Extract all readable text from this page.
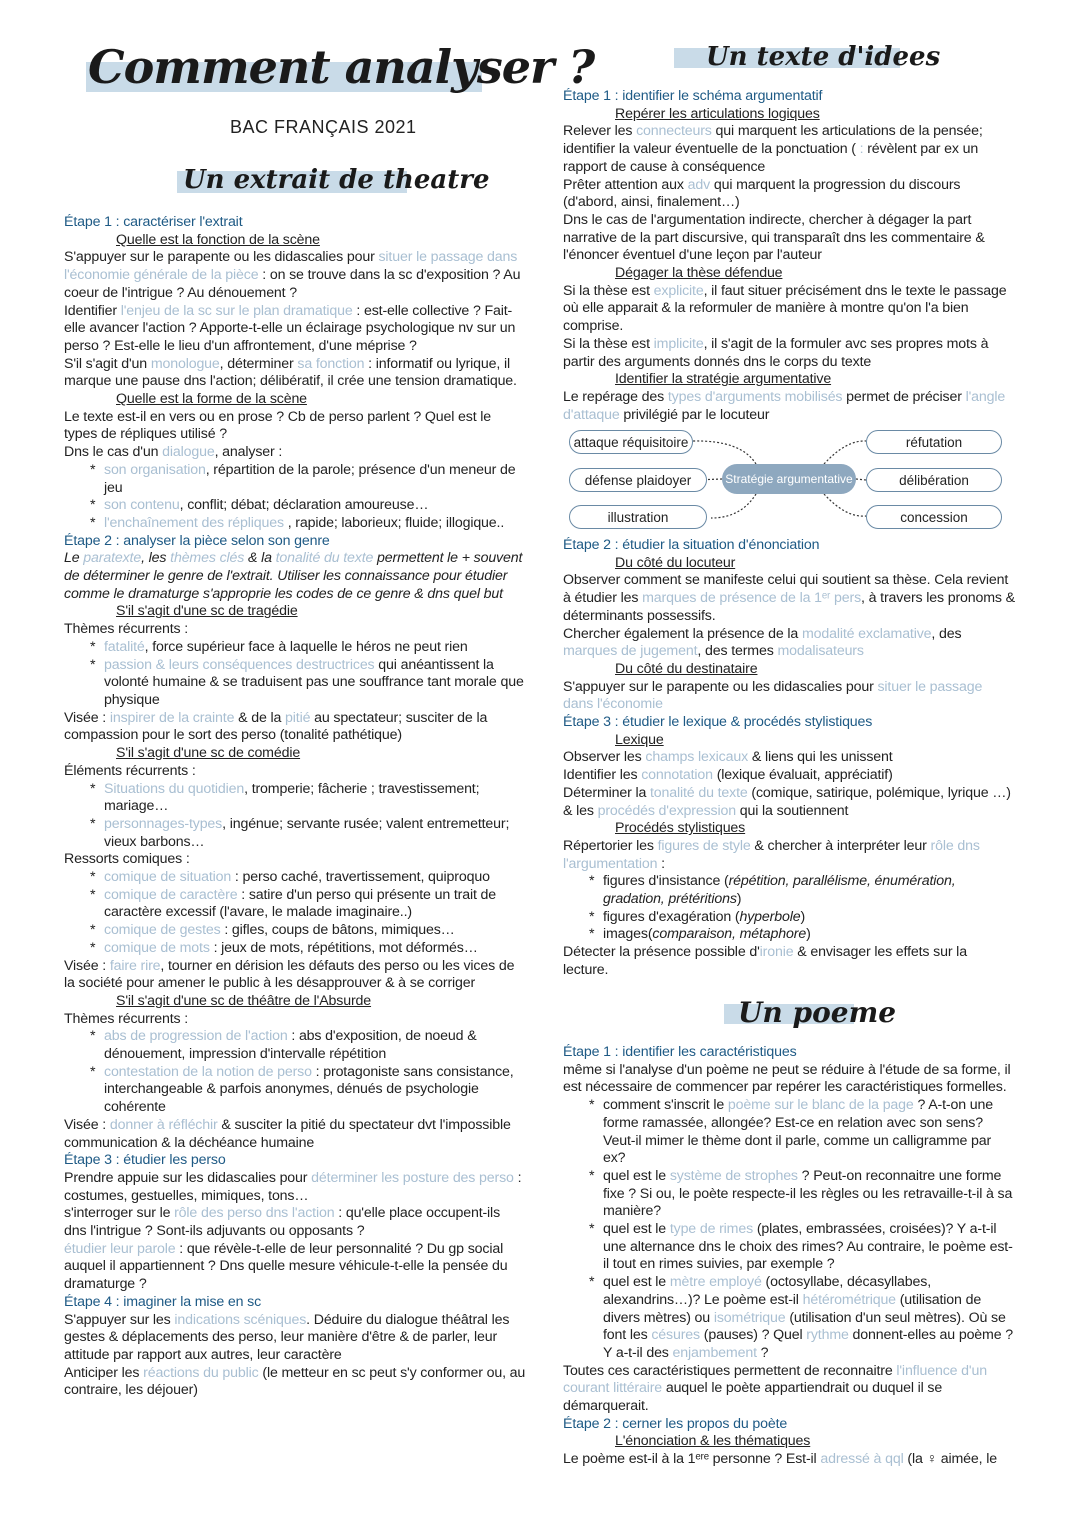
Comment analyser ?
BAC FRANÇAIS 2021
Un extrait de theatre
Étape 1 : caractériser l'extrait
Quelle est la fonction de la scène
S'appuyer sur le parapente ou les didascalies pour situer le passage dans l'économie générale de la pièce : on se trouve dans la sc d'exposition ? Au coeur de l'intrigue ? Au dénouement ?
Identifier l'enjeu de la sc sur le plan dramatique : est-elle collective ? Fait-elle avancer l'action ? Apporte-t-elle un éclairage psychologique nv sur un perso ? Est-elle le lieu d'un affrontement, d'une méprise ?
S'il s'agit d'un monologue, déterminer sa fonction : informatif ou lyrique, il marque une pause dns l'action; délibératif, il crée une tension dramatique.
Quelle est la forme de la scène
Le texte est-il en vers ou en prose ? Cb de perso parlent ? Quel est le types de répliques utilisé ?
Dns le cas d'un dialogue, analyser :
* son organisation, répartition de la parole; présence d'un meneur de jeu
* son contenu, conflit; débat; déclaration amoureuse…
* l'enchaînement des répliques , rapide; laborieux; fluide; illogique..
Étape 2 : analyser la pièce selon son genre
Le paratexte, les thèmes clés & la tonalité du texte permettent le + souvent de déterminer le genre de l'extrait. Utiliser les connaissance pour étudier comme le dramaturge s'approprie les codes de ce genre & dns quel but
S'il s'agit d'une sc de tragédie
Thèmes récurrents :
* fatalité, force supérieur face à laquelle le héros ne peut rien
* passion & leurs conséquences destructrices qui anéantissent la volonté humaine & se traduisent pas une souffrance tant morale que physique
Visée : inspirer de la crainte & de la pitié au spectateur; susciter de la compassion pour le sort des perso (tonalité pathétique)
S'il s'agit d'une sc de comédie
Éléments récurrents :
* Situations du quotidien, tromperie; fâcherie ; travestissement; mariage…
* personnages-types, ingénue; servante rusée; valent entremetteur; vieux barbons…
Ressorts comiques :
* comique de situation : perso caché, travertissement, quiproquo
* comique de caractère : satire d'un perso qui présente un trait de caractère excessif (l'avare, le malade imaginaire..)
* comique de gestes : gifles, coups de bâtons, mimiques…
* comique de mots : jeux de mots, répétitions, mot déformés…
Visée : faire rire, tourner en dérision les défauts des perso ou les vices de la société pour amener le public à les désapprouver & à se corriger
S'il s'agit d'une sc de théâtre de l'Absurde
Thèmes récurrents :
* abs de progression de l'action : abs d'exposition, de noeud & dénouement, impression d'intervalle répétition
* contestation de la notion de perso : protagoniste sans consistance, interchangeable & parfois anonymes, dénués de psychologie cohérente
Visée : donner à réfléchir & susciter la pitié du spectateur dvt l'impossible communication & la déchéance humaine
Étape 3 : étudier les perso
Prendre appuie sur les didascalies pour déterminer les posture des perso : costumes, gestuelles, mimiques, tons…
s'interroger sur le rôle des perso dns l'action : qu'elle place occupent-ils dns l'intrigue ? Sont-ils adjuvants ou opposants ?
étudier leur parole : que révèle-t-elle de leur personnalité ? Du gp social auquel il appartiennent ? Dns quelle mesure véhicule-t-elle la pensée du dramaturge ?
Étape 4 : imaginer la mise en sc
S'appuyer sur les indications scéniques. Déduire du dialogue théâtral les gestes & déplacements des perso, leur manière d'être & de parler, leur attitude par rapport aux autres, leur caractère
Anticiper les réactions du public (le metteur en sc peut s'y conformer ou, au contraire, les déjouer)
Un texte d'idees
Étape 1 : identifier le schéma argumentatif
Repérer les articulations logiques
Relever les connecteurs qui marquent les articulations de la pensée; identifier la valeur éventuelle de la ponctuation ( : révèlent par ex un rapport de cause à conséquence
Prêter attention aux adv qui marquent la progression du discours (d'abord, ainsi, finalement…)
Dns le cas de l'argumentation indirecte, chercher à dégager la part narrative de la part discursive, qui transparaît dns les commentaire & l'énoncer éventuel d'une leçon par l'auteur
Dégager la thèse défendue
Si la thèse est explicite, il faut situer précisément dns le texte le passage où elle apparait & la reformuler de manière à montre qu'on l'a bien comprise.
Si la thèse est implicite, il s'agit de la formuler avc ses propres mots à partir des arguments donnés dns le corps du texte
Identifier la stratégie argumentative
Le repérage des types d'arguments mobilisés permet de préciser l'angle d'attaque privilégié par le locuteur
attaque réquisitoire
défense plaidoyer
illustration
Stratégie argumentative
réfutation
délibération
concession
Étape 2 : étudier la situation d'énonciation
Du côté du locuteur
Observer comment se manifeste celui qui soutient sa thèse. Cela revient à étudier les marques de présence de la 1ᵉʳ pers, à travers les pronoms & déterminants possessifs.
Chercher également la présence de la modalité exclamative, des marques de jugement, des termes modalisateurs
Du côté du destinataire
S'appuyer sur le parapente ou les didascalies pour situer le passage dans l'économie
Étape 3 : étudier le lexique & procédés stylistiques
Lexique
Observer les champs lexicaux & liens qui les unissent
Identifier les connotation (lexique évaluait, appréciatif)
Déterminer la tonalité du texte (comique, satirique, polémique, lyrique …) & les procédés d'expression qui la soutiennent
Procédés stylistiques
Répertorier les figures de style & chercher à interpréter leur rôle dns l'argumentation :
* figures d'insistance (répétition, parallélisme, énumération, gradation, prétéritions)
* figures d'exagération (hyperbole)
* images(comparaison, métaphore)
Détecter la présence possible d'ironie & envisager les effets sur la lecture.
Un poeme
Étape 1 : identifier les caractéristiques
même si l'analyse d'un poème ne peut se réduire à l'étude de sa forme, il est nécessaire de commencer par repérer les caractéristiques formelles.
* comment s'inscrit le poème sur le blanc de la page ? A-t-on une forme ramassée, allongée? Est-ce en relation avec son sens? Veut-il mimer le thème dont il parle, comme un calligramme par ex?
* quel est le système de strophes ? Peut-on reconnaitre une forme fixe ? Si ou, le poète respecte-il les règles ou les retravaille-t-il à sa manière?
* quel est le type de rimes (plates, embrassées, croisées)? Y a-t-il une alternance dns le choix des rimes? Au contraire, le poème est-il tout en rimes suivies, par exemple ?
* quel est le mètre employé (octosyllabe, décasyllabes, alexandrins…)? Le poème est-il hétérométrique (utilisation de divers mètres) ou isométrique (utilisation d'un seul mètres). Où se font les césures (pauses) ? Quel rythme donnent-elles au poème ? Y a-t-il des enjambement ?
Toutes ces caractéristiques permettent de reconnaitre l'influence d'un courant littéraire auquel le poète appartiendrait ou duquel il se démarquerait.
Étape 2 : cerner les propos du poète
L'énonciation & les thématiques
Le poème est-il à la 1ᵉʳᵉ personne ? Est-il adressé à qql (la ♀ aimée, le
